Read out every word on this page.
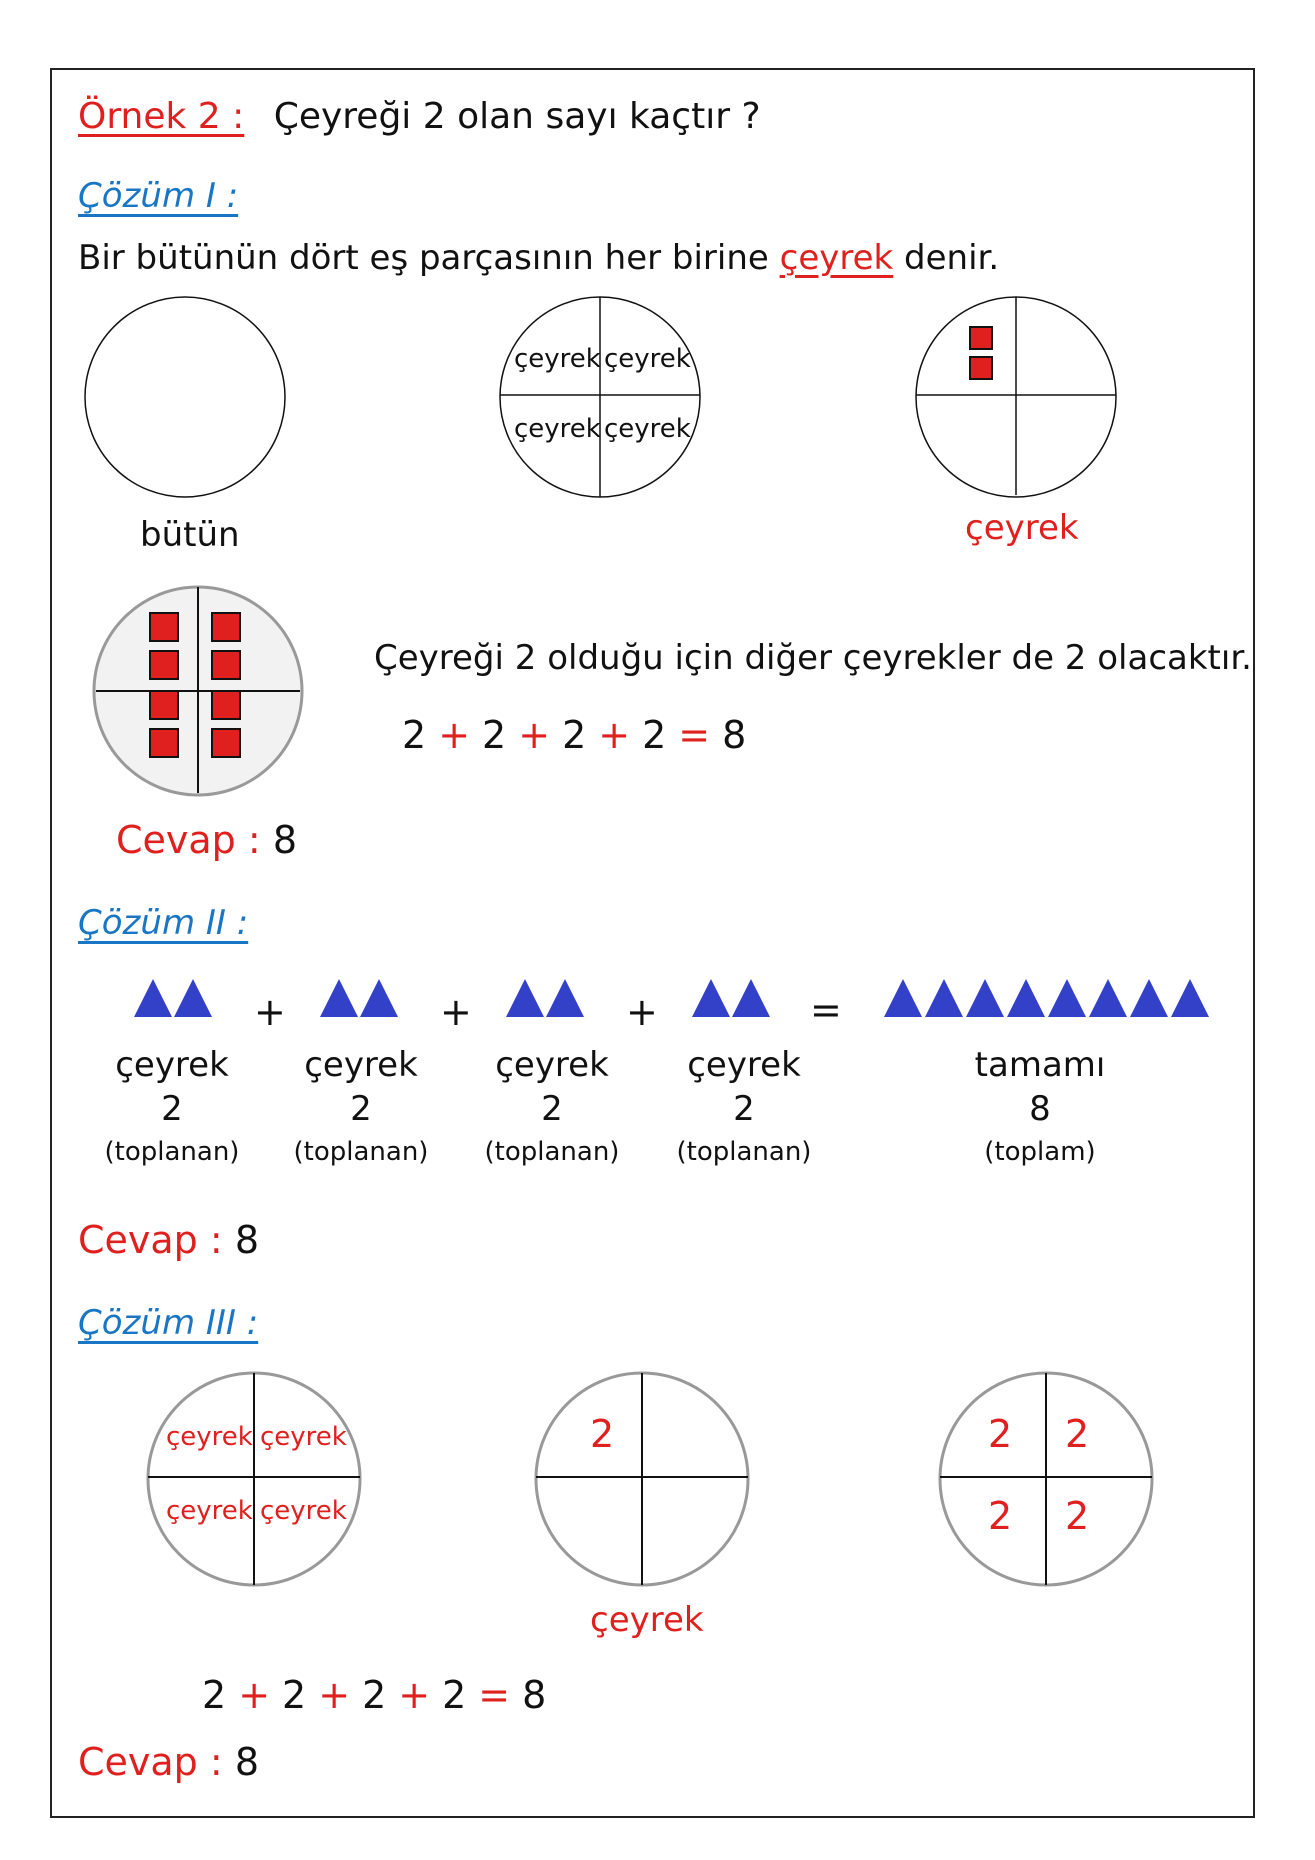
Örnek 2 : Çeyreği 2 olan sayı kaçtır ?
Çözüm I :
Bir bütünün dört eş parçasının her birine çeyrek denir.
bütün
çeyrek çeyrek
çeyrek çeyrek
çeyrek
Çeyreği 2 olduğu için diğer çeyrekler de 2 olacaktır.
2 + 2 + 2 + 2 = 8
Cevap : 8
Çözüm II :
+	+	+	=
çeyrek
2
(toplanan)
çeyrek
2
(toplanan)
çeyrek
2
(toplanan)
çeyrek
2
(toplanan)
tamamı
8
(toplam)
Cevap : 8
Çözüm III :
çeyrek çeyrek
çeyrek çeyrek
2
çeyrek
2 2
2 2
2 + 2 + 2 + 2 = 8
Cevap : 8
